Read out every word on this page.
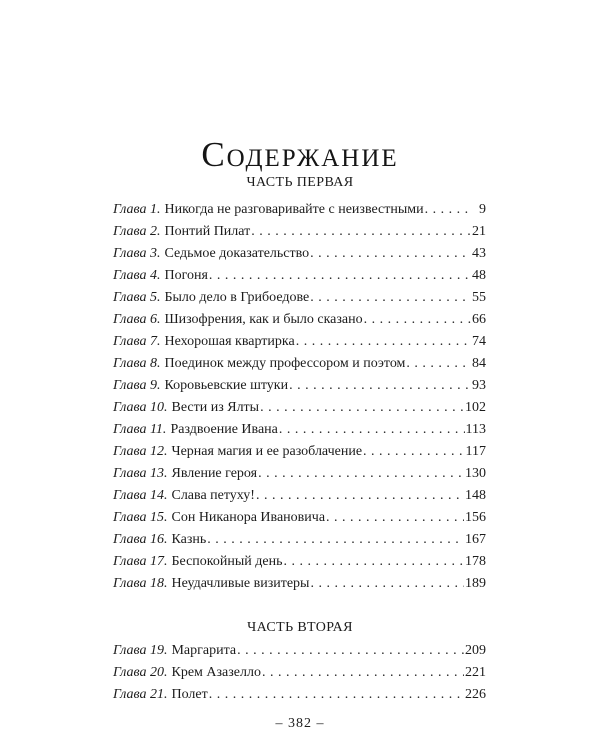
Содержание
ЧАСТЬ ПЕРВАЯ
Глава 1. Никогда не разговаривайте с неизвестными . . .	9
Глава 2. Понтий Пилат . . .	21
Глава 3. Седьмое доказательство . . .	43
Глава 4. Погоня . . .	48
Глава 5. Было дело в Грибоедове . . .	55
Глава 6. Шизофрения, как и было сказано . . .	66
Глава 7. Нехорошая квартирка . . .	74
Глава 8. Поединок между профессором и поэтом . . .	84
Глава 9. Коровьевские штуки . . .	93
Глава 10. Вести из Ялты . . .	102
Глава 11. Раздвоение Ивана . . .	113
Глава 12. Черная магия и ее разоблачение . . .	117
Глава 13. Явление героя . . .	130
Глава 14. Слава петуху! . . .	148
Глава 15. Сон Никанора Ивановича . . .	156
Глава 16. Казнь . . .	167
Глава 17. Беспокойный день . . .	178
Глава 18. Неудачливые визитеры . . .	189
ЧАСТЬ ВТОРАЯ
Глава 19. Маргарита . . .	209
Глава 20. Крем Азазелло . . .	221
Глава 21. Полет . . .	226
– 382 –
